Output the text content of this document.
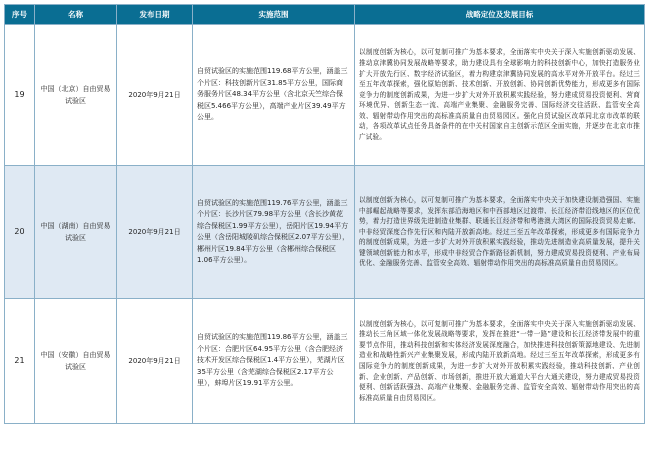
序号	名称	发布日期	实施范围	战略定位及发展目标
19	中国（北京）自由贸易试验区	2020年9月21日	自贸试验区的实施范围119.68平方公里，涵盖三个片区：科技创新片区31.85平方公里，国际商务服务片区48.34平方公里（含北京天竺综合保税区5.466平方公里），高端产业片区39.49平方公里。	以制度创新为核心，以可复制可推广为基本要求，全面落实中央关于深入实施创新驱动发展、推动京津冀协同发展战略等要求，助力建设具有全球影响力的科技创新中心，加快打造服务业扩大开放先行区、数字经济试验区，着力构建京津冀协同发展的高水平对外开放平台。经过三至五年改革探索，强化原始创新、技术创新、开放创新、协同创新优势能力，形成更多有国际竞争力的制度创新成果，为进一步扩大对外开放积累实践经验，努力建成贸易投资便利、营商环境优异、创新生态一流、高端产业集聚、金融服务完善、国际经济交往活跃、监管安全高效、辐射带动作用突出的高标准高质量自由贸易园区。强化自贸试验区改革同北京市改革的联动，各项改革试点任务具备条件的在中关村国家自主创新示范区全面实施，并逐步在北京市推广试验。
20	中国（湖南）自由贸易试验区	2020年9月21日	自贸试验区的实施范围119.76平方公里，涵盖三个片区：长沙片区79.98平方公里（含长沙黄花综合保税区1.99平方公里），岳阳片区19.94平方公里（含岳阳城陵矶综合保税区2.07平方公里），郴州片区19.84平方公里（含郴州综合保税区1.06平方公里）。	以制度创新为核心，以可复制可推广为基本要求，全面落实中央关于加快建设制造强国、实施中部崛起战略等要求，发挥东部沿海地区和中西部地区过渡带、长江经济带沿线地区的区位优势，着力打造世界级先进制造业集群、联通长江经济带和粤港澳大湾区的国际投资贸易走廊、中非经贸深度合作先行区和内陆开放新高地。经过三至五年改革探索，形成更多有国际竞争力的制度创新成果，为进一步扩大对外开放积累实践经验，推动先进制造业高质量发展，提升关键领域创新能力和水平，形成中非经贸合作新路径新机制，努力建成贸易投资便利、产业布局优化、金融服务完善、监管安全高效、辐射带动作用突出的高标准高质量自由贸易园区。
21	中国（安徽）自由贸易试验区	2020年9月21日	自贸试验区的实施范围119.86平方公里，涵盖三个片区：合肥片区64.95平方公里（含合肥经济技术开发区综合保税区1.4平方公里），芜湖片区35平方公里（含芜湖综合保税区2.17平方公里），蚌埠片区19.91平方公里。	以制度创新为核心，以可复制可推广为基本要求，全面落实中央关于深入实施创新驱动发展、推动长三角区域一体化发展战略等要求，发挥在推进“一带一路”建设和长江经济带发展中的重要节点作用，推动科技创新和实体经济发展深度融合，加快推进科技创新策源地建设、先进制造业和战略性新兴产业集聚发展，形成内陆开放新高地。经过三至五年改革探索，形成更多有国际竞争力的制度创新成果，为进一步扩大对外开放积累实践经验，推动科技创新、产业创新、企业创新、产品创新、市场创新，推进开放大通道大平台大通关建设，努力建成贸易投资便利、创新活跃强劲、高端产业集聚、金融服务完善、监管安全高效、辐射带动作用突出的高标准高质量自由贸易园区。
